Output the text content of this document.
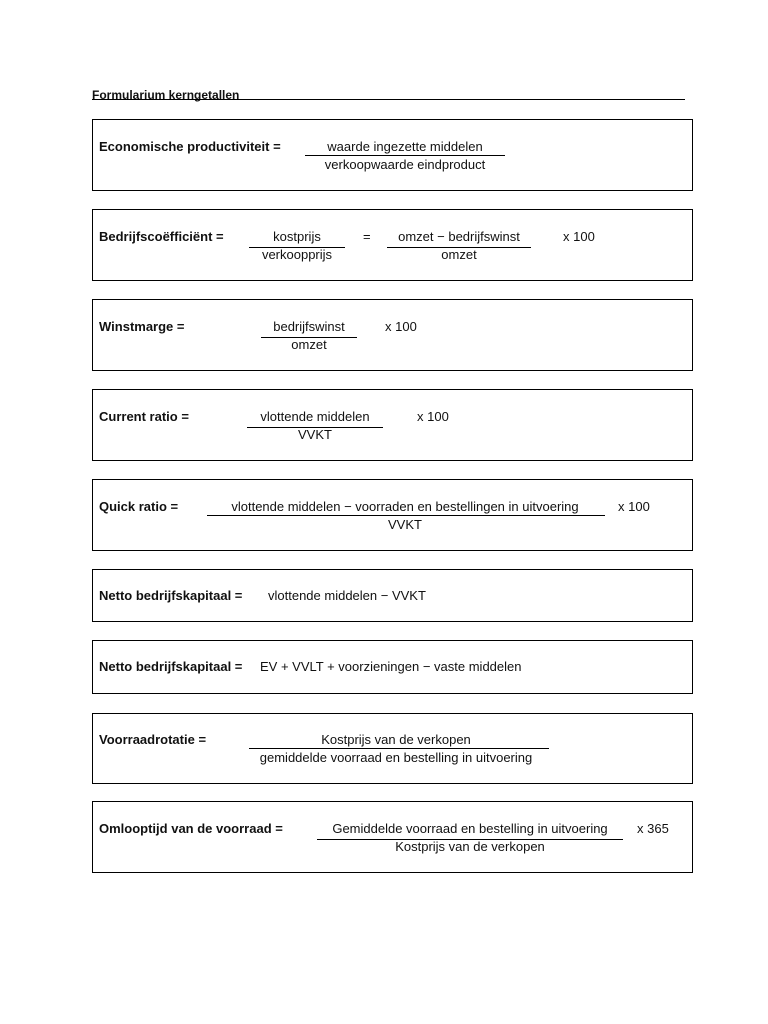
Formularium kerngetallen
Economische productiviteit =	waarde ingezette middelen
verkoopwaarde eindproduct
Bedrijfscoëfficiënt =	kostprijs
verkoopprijs
=	omzet − bedrijfswinst
omzet
x 100
Winstmarge =	bedrijfswinst
omzet
x 100
Current ratio =	vlottende middelen
VVKT
x 100
Quick ratio =	vlottende middelen − voorraden en bestellingen in uitvoering
VVKT
x 100
Netto bedrijfskapitaal = vlottende middelen − VVKT
Netto bedrijfskapitaal = EV + VVLT + voorzieningen − vaste middelen
Voorraadrotatie =	Kostprijs van de verkopen
gemiddelde voorraad en bestelling in uitvoering
Omlooptijd van de voorraad =	Gemiddelde voorraad en bestelling in uitvoering
Kostprijs van de verkopen
x 365
